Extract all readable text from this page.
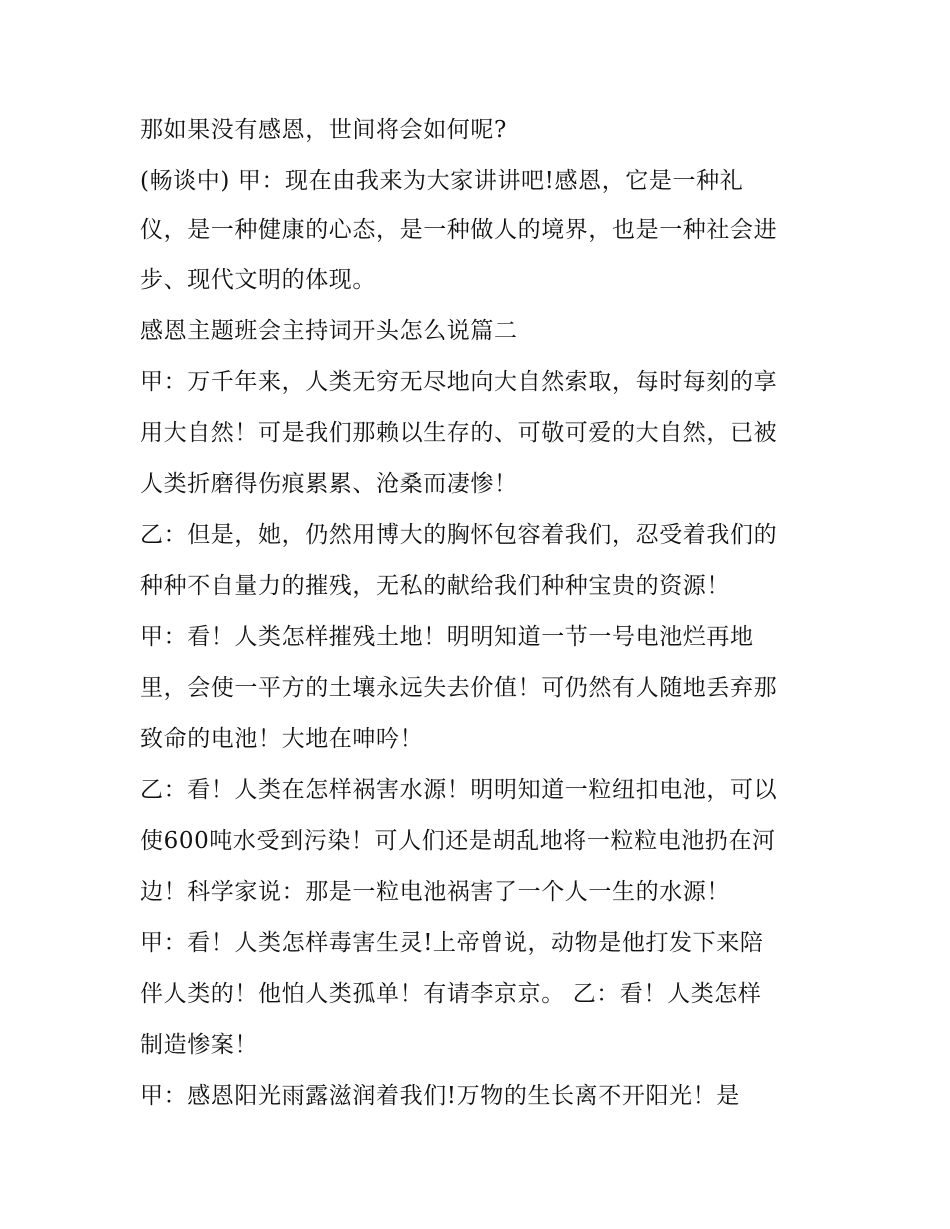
那如果没有感恩，世间将会如何呢?

(畅谈中) 甲：现在由我来为大家讲讲吧!感恩，它是一种礼

仪，是一种健康的心态，是一种做人的境界，也是一种社会进

步、现代文明的体现。

感恩主题班会主持词开头怎么说篇二

甲：万千年来，人类无穷无尽地向大自然索取，每时每刻的享

用大自然！可是我们那赖以生存的、可敬可爱的大自然，已被

人类折磨得伤痕累累、沧桑而凄惨！

乙：但是，她，仍然用博大的胸怀包容着我们，忍受着我们的

种种不自量力的摧残，无私的献给我们种种宝贵的资源！

甲：看！人类怎样摧残土地！明明知道一节一号电池烂再地

里，会使一平方的土壤永远失去价值！可仍然有人随地丢弃那

致命的电池！大地在呻吟！

乙：看！人类在怎样祸害水源！明明知道一粒纽扣电池，可以

使600吨水受到污染！可人们还是胡乱地将一粒粒电池扔在河

边！科学家说：那是一粒电池祸害了一个人一生的水源！

甲：看！人类怎样毒害生灵!上帝曾说，动物是他打发下来陪

伴人类的！他怕人类孤单！有请李京京。 乙：看！人类怎样

制造惨案！

甲：感恩阳光雨露滋润着我们!万物的生长离不开阳光！是
